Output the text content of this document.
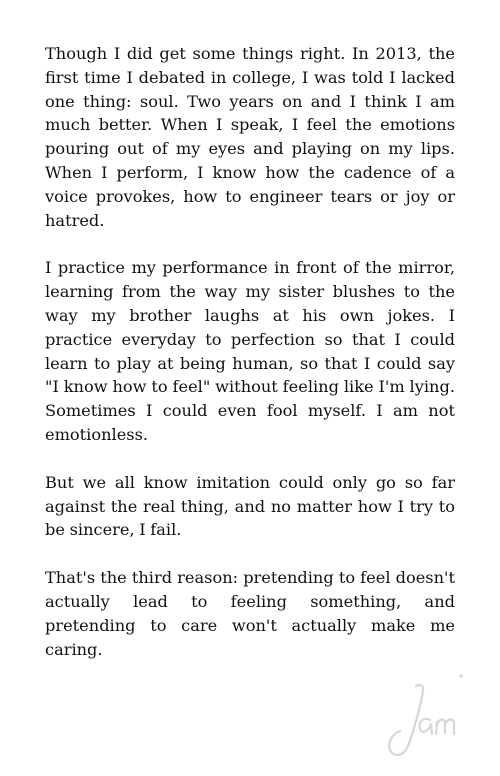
Though I did get some things right. In 2013, the first time I debated in college, I was told I lacked one thing: soul. Two years on and I think I am much better. When I speak, I feel the emotions pouring out of my eyes and playing on my lips. When I perform, I know how the cadence of a voice provokes, how to engineer tears or joy or hatred.

I practice my performance in front of the mirror, learning from the way my sister blushes to the way my brother laughs at his own jokes. I practice everyday to perfection so that I could learn to play at being human, so that I could say "I know how to feel" without feeling like I'm lying. Sometimes I could even fool myself. I am not emotionless.

But we all know imitation could only go so far against the real thing, and no matter how I try to be sincere, I fail.

That's the third reason: pretending to feel doesn't actually lead to feeling something, and pretending to care won't actually make me caring.
